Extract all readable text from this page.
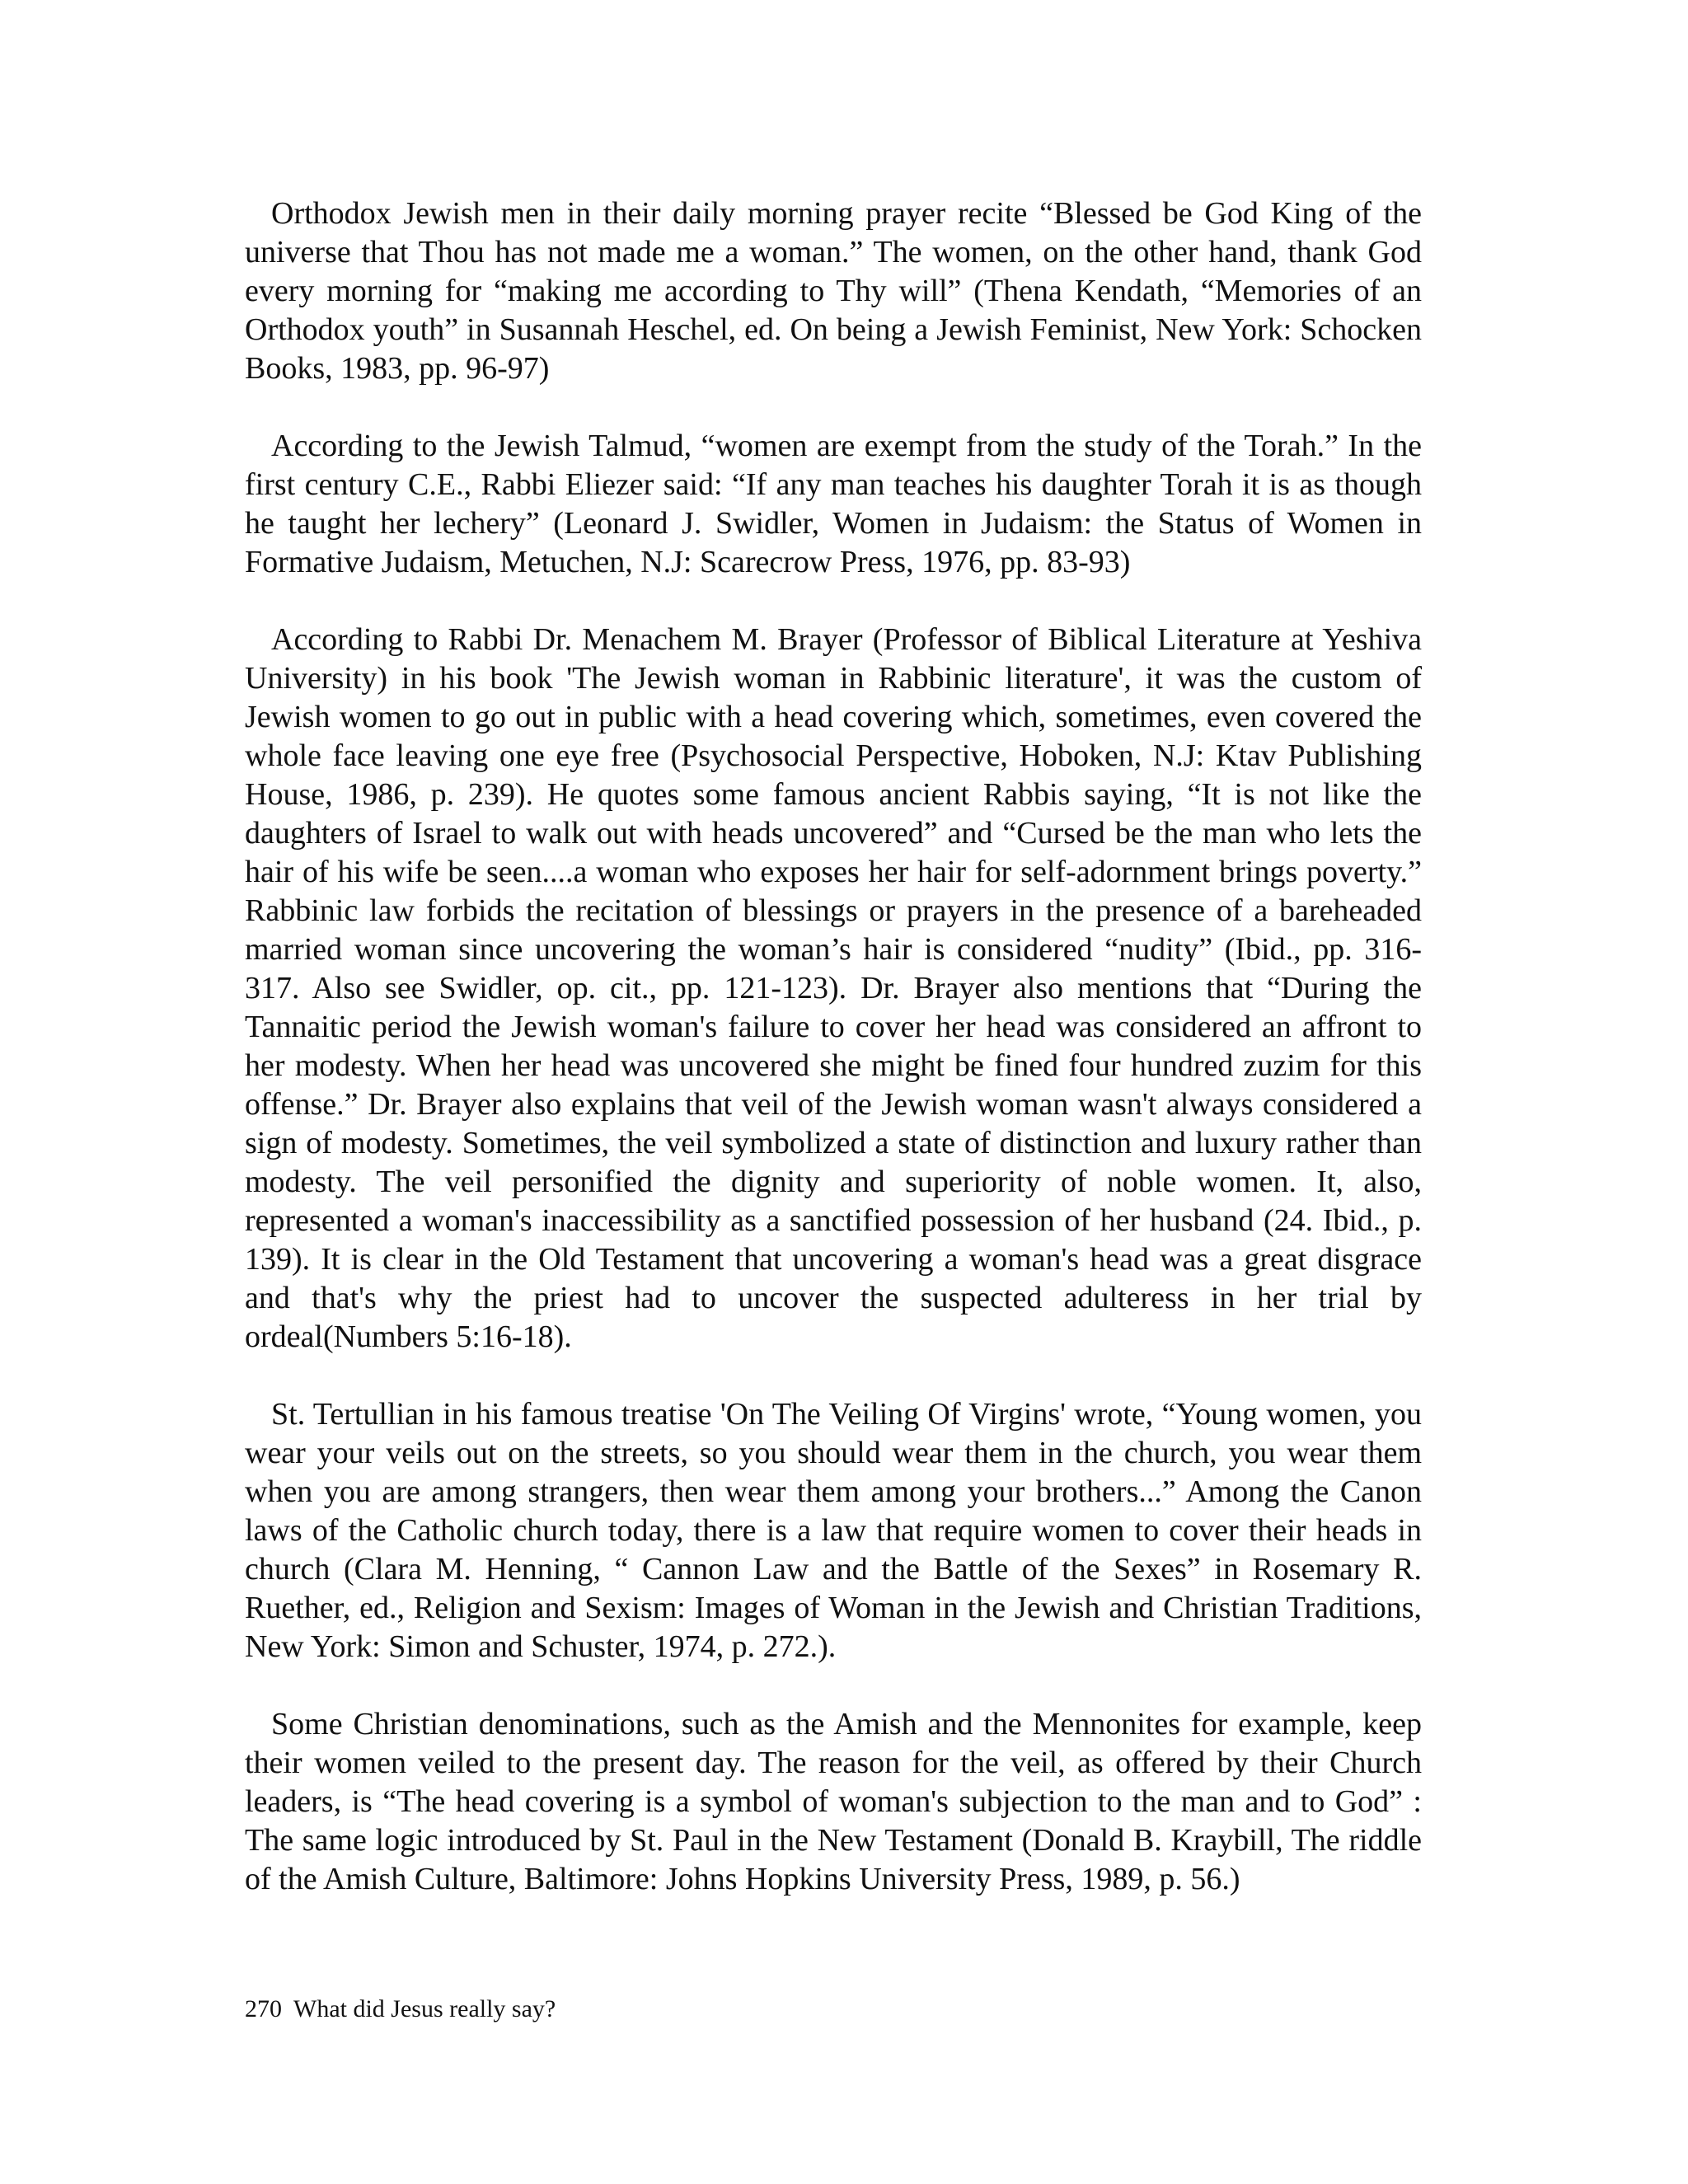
Orthodox Jewish men in their daily morning prayer recite “Blessed be God King of the universe that Thou has not made me a woman.” The women, on the other hand, thank God every morning for “making me according to Thy will” (Thena Kendath, “Memories of an Orthodox youth” in Susannah Heschel, ed. On being a Jewish Feminist, New York: Schocken Books, 1983, pp. 96-97)

According to the Jewish Talmud, “women are exempt from the study of the Torah.” In the first century C.E., Rabbi Eliezer said: “If any man teaches his daughter Torah it is as though he taught her lechery” (Leonard J. Swidler, Women in Judaism: the Status of Women in Formative Judaism, Metuchen, N.J: Scarecrow Press, 1976, pp. 83-93)

According to Rabbi Dr. Menachem M. Brayer (Professor of Biblical Literature at Yeshiva University) in his book 'The Jewish woman in Rabbinic literature', it was the custom of Jewish women to go out in public with a head covering which, sometimes, even covered the whole face leaving one eye free (Psychosocial Perspective, Hoboken, N.J: Ktav Publishing House, 1986, p. 239). He quotes some famous ancient Rabbis saying, “It is not like the daughters of Israel to walk out with heads uncovered” and “Cursed be the man who lets the hair of his wife be seen....a woman who exposes her hair for self-adornment brings poverty.” Rabbinic law forbids the recitation of blessings or prayers in the presence of a bareheaded married woman since uncovering the woman’s hair is considered “nudity” (Ibid., pp. 316-317. Also see Swidler, op. cit., pp. 121-123). Dr. Brayer also mentions that “During the Tannaitic period the Jewish woman's failure to cover her head was considered an affront to her modesty. When her head was uncovered she might be fined four hundred zuzim for this offense.” Dr. Brayer also explains that veil of the Jewish woman wasn't always considered a sign of modesty. Sometimes, the veil symbolized a state of distinction and luxury rather than modesty. The veil personified the dignity and superiority of noble women. It, also, represented a woman's inaccessibility as a sanctified possession of her husband (24. Ibid., p. 139). It is clear in the Old Testament that uncovering a woman's head was a great disgrace and that's why the priest had to uncover the suspected adulteress in her trial by ordeal(Numbers 5:16-18).

St. Tertullian in his famous treatise 'On The Veiling Of Virgins' wrote, “Young women, you wear your veils out on the streets, so you should wear them in the church, you wear them when you are among strangers, then wear them among your brothers...” Among the Canon laws of the Catholic church today, there is a law that require women to cover their heads in church (Clara M. Henning, “ Cannon Law and the Battle of the Sexes” in Rosemary R. Ruether, ed., Religion and Sexism: Images of Woman in the Jewish and Christian Traditions, New York: Simon and Schuster, 1974, p. 272.).

Some Christian denominations, such as the Amish and the Mennonites for example, keep their women veiled to the present day. The reason for the veil, as offered by their Church leaders, is “The head covering is a symbol of woman's subjection to the man and to God” : The same logic introduced by St. Paul in the New Testament (Donald B. Kraybill, The riddle of the Amish Culture, Baltimore: Johns Hopkins University Press, 1989, p. 56.)

270 What did Jesus really say?
